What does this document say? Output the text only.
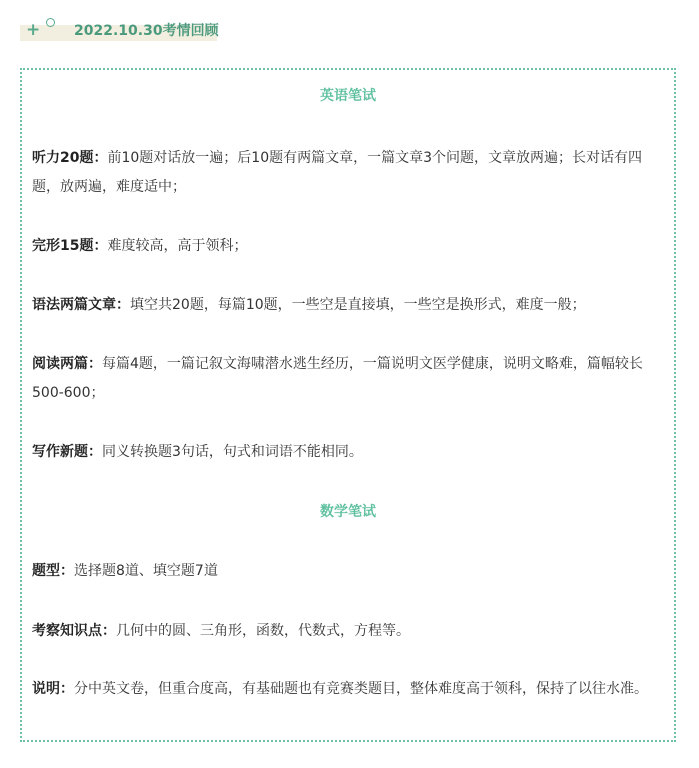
+ 2022.10.30考情回顾
英语笔试
听力20题：前10题对话放一遍；后10题有两篇文章，一篇文章3个问题，文章放两遍；长对话有四题，放两遍，难度适中；
完形15题：难度较高，高于领科；
语法两篇文章：填空共20题，每篇10题，一些空是直接填，一些空是换形式，难度一般；
阅读两篇：每篇4题，一篇记叙文海啸潜水逃生经历，一篇说明文医学健康，说明文略难，篇幅较长500-600；
写作新题：同义转换题3句话，句式和词语不能相同。
数学笔试
题型：选择题8道、填空题7道
考察知识点：几何中的圆、三角形，函数，代数式，方程等。
说明：分中英文卷，但重合度高，有基础题也有竞赛类题目，整体难度高于领科，保持了以往水准。
